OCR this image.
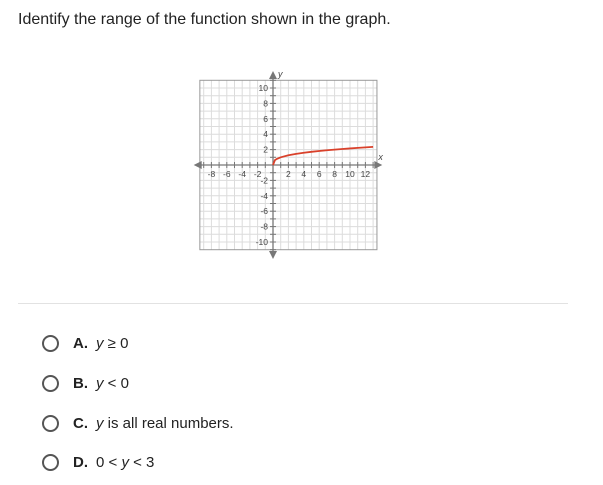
Identify the range of the function shown in the graph.
-8 -6 -4 -2	2 4 6 8 10 12
10
8
6
4
2
-2
-4
-6
-8
-10
x
y
A. y ≥ 0
B. y < 0
C. y is all real numbers.
D. 0 < y < 3
